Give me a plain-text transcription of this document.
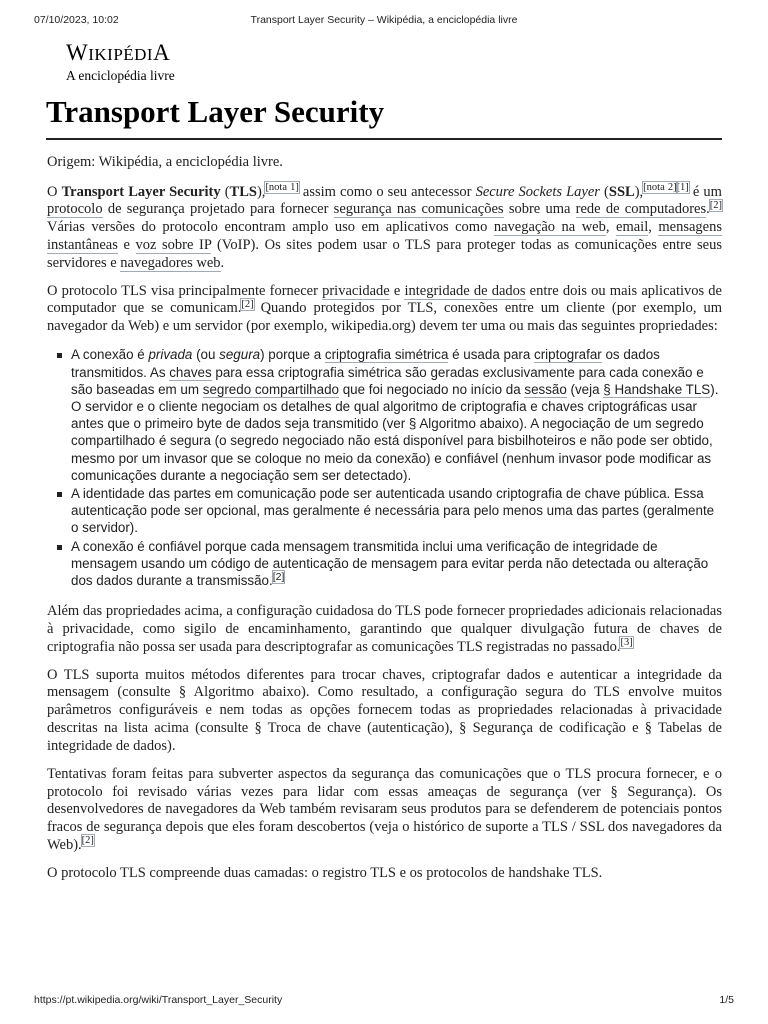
07/10/2023, 10:02	Transport Layer Security – Wikipédia, a enciclopédia livre
WIKIPÉDIA
A enciclopédia livre
Transport Layer Security

Origem: Wikipédia, a enciclopédia livre.

O Transport Layer Security (TLS),[nota 1] assim como o seu antecessor Secure Sockets Layer (SSL),[nota 2][1] é um protocolo de segurança projetado para fornecer segurança nas comunicações sobre uma rede de computadores.[2] Várias versões do protocolo encontram amplo uso em aplicativos como navegação na web, email, mensagens instantâneas e voz sobre IP (VoIP). Os sites podem usar o TLS para proteger todas as comunicações entre seus servidores e navegadores web.

O protocolo TLS visa principalmente fornecer privacidade e integridade de dados entre dois ou mais aplicativos de computador que se comunicam.[2] Quando protegidos por TLS, conexões entre um cliente (por exemplo, um navegador da Web) e um servidor (por exemplo, wikipedia.org) devem ter uma ou mais das seguintes propriedades:

A conexão é privada (ou segura) porque a criptografia simétrica é usada para criptografar os dados transmitidos. As chaves para essa criptografia simétrica são geradas exclusivamente para cada conexão e são baseadas em um segredo compartilhado que foi negociado no início da sessão (veja § Handshake TLS). O servidor e o cliente negociam os detalhes de qual algoritmo de criptografia e chaves criptográficas usar antes que o primeiro byte de dados seja transmitido (ver § Algoritmo abaixo). A negociação de um segredo compartilhado é segura (o segredo negociado não está disponível para bisbilhoteiros e não pode ser obtido, mesmo por um invasor que se coloque no meio da conexão) e confiável (nenhum invasor pode modificar as comunicações durante a negociação sem ser detectado).
A identidade das partes em comunicação pode ser autenticada usando criptografia de chave pública. Essa autenticação pode ser opcional, mas geralmente é necessária para pelo menos uma das partes (geralmente o servidor).
A conexão é confiável porque cada mensagem transmitida inclui uma verificação de integridade de mensagem usando um código de autenticação de mensagem para evitar perda não detectada ou alteração dos dados durante a transmissão.[2]

Além das propriedades acima, a configuração cuidadosa do TLS pode fornecer propriedades adicionais relacionadas à privacidade, como sigilo de encaminhamento, garantindo que qualquer divulgação futura de chaves de criptografia não possa ser usada para descriptografar as comunicações TLS registradas no passado.[3]

O TLS suporta muitos métodos diferentes para trocar chaves, criptografar dados e autenticar a integridade da mensagem (consulte § Algoritmo abaixo). Como resultado, a configuração segura do TLS envolve muitos parâmetros configuráveis e nem todas as opções fornecem todas as propriedades relacionadas à privacidade descritas na lista acima (consulte § Troca de chave (autenticação), § Segurança de codificação e § Tabelas de integridade de dados).

Tentativas foram feitas para subverter aspectos da segurança das comunicações que o TLS procura fornecer, e o protocolo foi revisado várias vezes para lidar com essas ameaças de segurança (ver § Segurança). Os desenvolvedores de navegadores da Web também revisaram seus produtos para se defenderem de potenciais pontos fracos de segurança depois que eles foram descobertos (veja o histórico de suporte a TLS / SSL dos navegadores da Web).[2]

O protocolo TLS compreende duas camadas: o registro TLS e os protocolos de handshake TLS.

https://pt.wikipedia.org/wiki/Transport_Layer_Security	1/5
